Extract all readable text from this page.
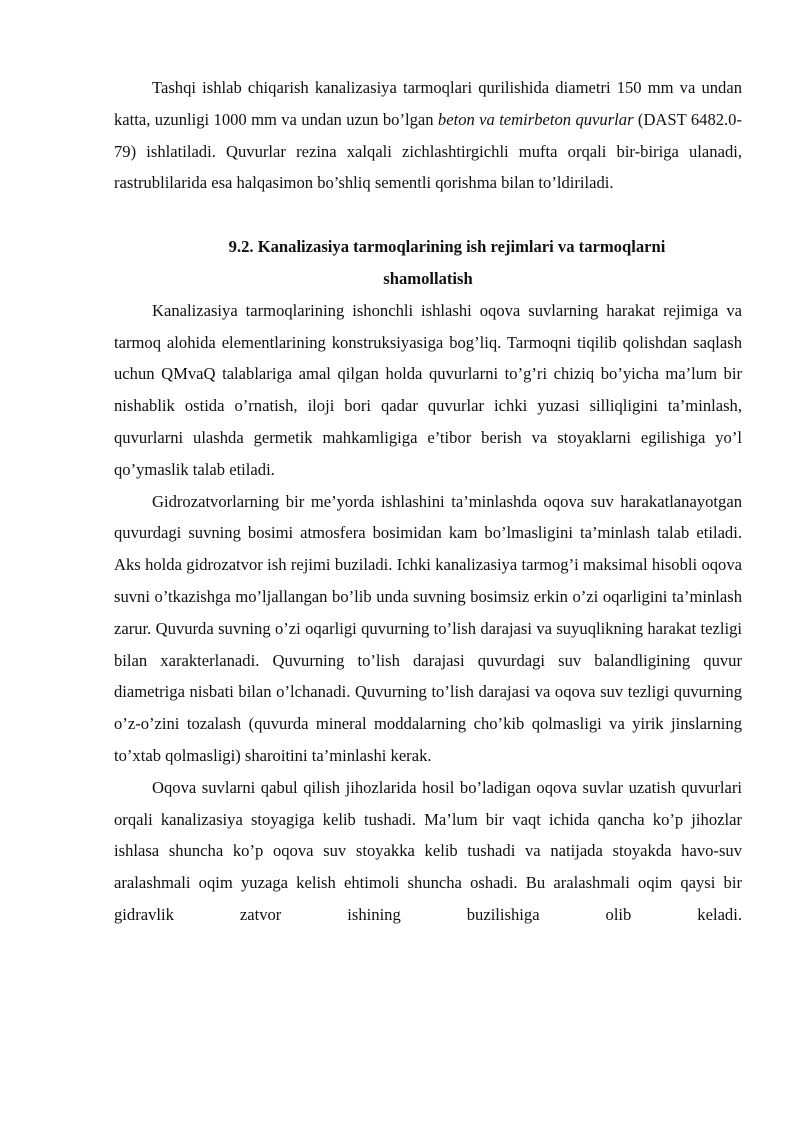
Tashqi ishlab chiqarish kanalizasiya tarmoqlari qurilishida diametri 150 mm va undan katta, uzunligi 1000 mm va undan uzun bo’lgan beton va temirbeton quvurlar (DAST 6482.0-79) ishlatiladi. Quvurlar rezina xalqali zichlashtirgichli mufta orqali bir-biriga ulanadi, rastrublilarida esa halqasimon bo’shliq sementli qorishma bilan to’ldiriladi.

9.2. Kanalizasiya tarmoqlarining ish rejimlari va tarmoqlarni
shamollatish

Kanalizasiya tarmoqlarining ishonchli ishlashi oqova suvlarning harakat rejimiga va tarmoq alohida elementlarining konstruksiyasiga bog’liq. Tarmoqni tiqilib qolishdan saqlash uchun QMvaQ talablariga amal qilgan holda quvurlarni to’g’ri chiziq bo’yicha ma’lum bir nishablik ostida o’rnatish, iloji bori qadar quvurlar ichki yuzasi silliqligini ta’minlash, quvurlarni ulashda germetik mahkamligiga e’tibor berish va stoyaklarni egilishiga yo’l qo’ymaslik talab etiladi.

Gidrozatvorlarning bir me’yorda ishlashini ta’minlashda oqova suv harakatlanayotgan quvurdagi suvning bosimi atmosfera bosimidan kam bo’lmasligini ta’minlash talab etiladi. Aks holda gidrozatvor ish rejimi buziladi. Ichki kanalizasiya tarmog’i maksimal hisobli oqova suvni o’tkazishga mo’ljallangan bo’lib unda suvning bosimsiz erkin o’zi oqarligini ta’minlash zarur. Quvurda suvning o’zi oqarligi quvurning to’lish darajasi va suyuqlikning harakat tezligi bilan xarakterlanadi. Quvurning to’lish darajasi quvurdagi suv balandligining quvur diametriga nisbati bilan o’lchanadi. Quvurning to’lish darajasi va oqova suv tezligi quvurning o’z-o’zini tozalash (quvurda mineral moddalarning cho’kib qolmasligi va yirik jinslarning to’xtab qolmasligi) sharoitini ta’minlashi kerak.

Oqova suvlarni qabul qilish jihozlarida hosil bo’ladigan oqova suvlar uzatish quvurlari orqali kanalizasiya stoyagiga kelib tushadi. Ma’lum bir vaqt ichida qancha ko’p jihozlar ishlasa shuncha ko’p oqova suv stoyakka kelib tushadi va natijada stoyakda havo-suv aralashmali oqim yuzaga kelish ehtimoli shuncha oshadi. Bu aralashmali oqim qaysi bir gidravlik zatvor ishining buzilishiga olib keladi.
